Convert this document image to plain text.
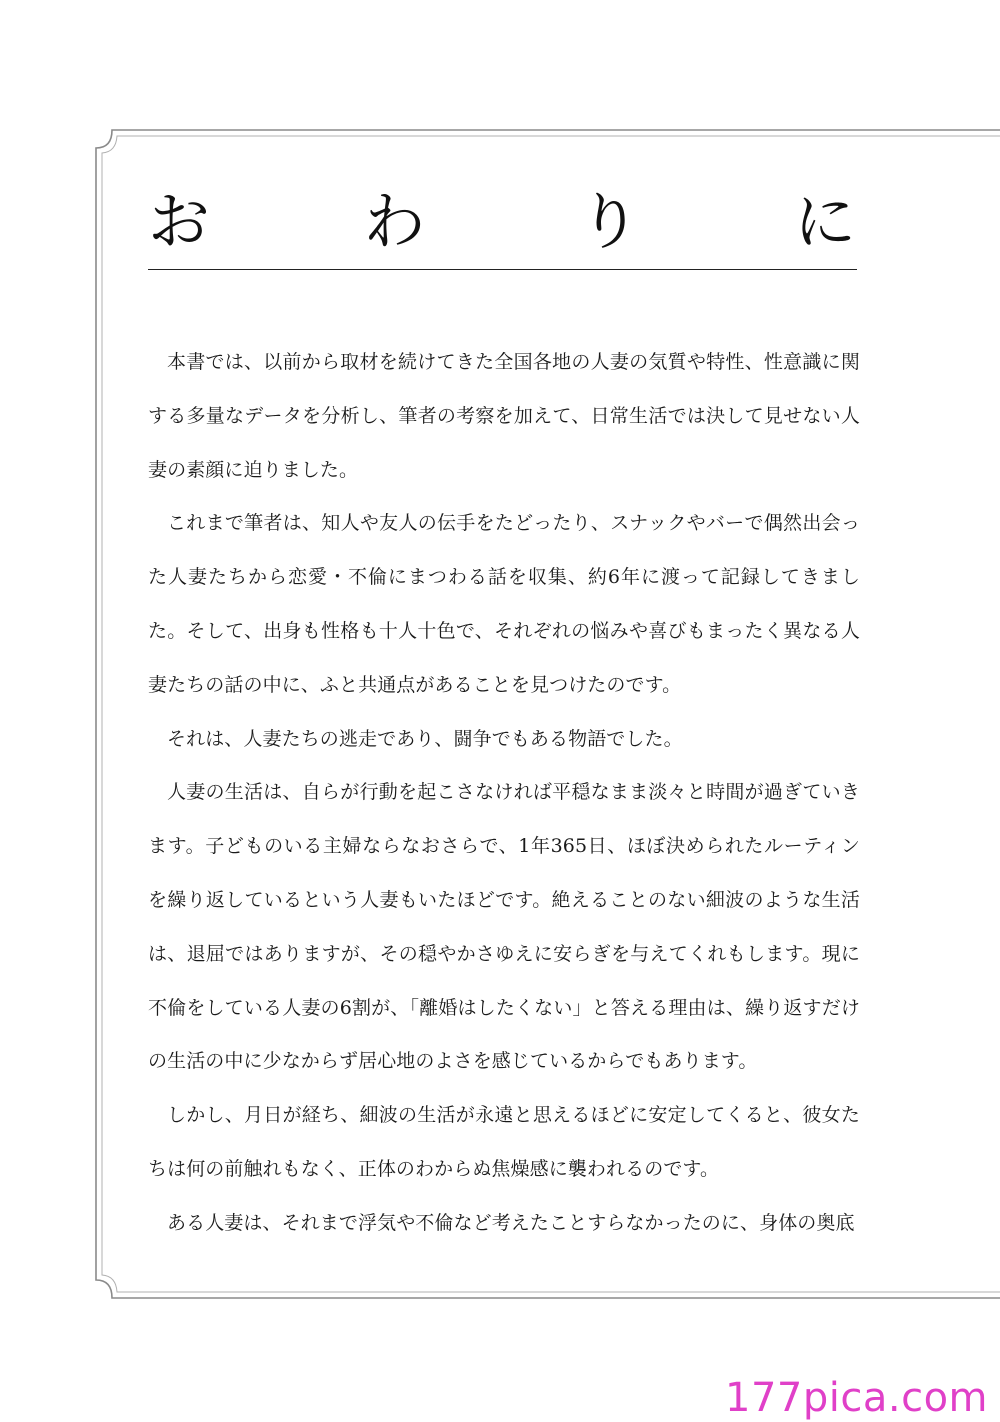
お わ り に

本書では、以前から取材を続けてきた全国各地の人妻の気質や特性、性意識に関する多量なデータを分析し、筆者の考察を加えて、日常生活では決して見せない人妻の素顔に迫りました。

これまで筆者は、知人や友人の伝手をたどったり、スナックやバーで偶然出会った人妻たちから恋愛・不倫にまつわる話を収集、約6年に渡って記録してきました。そして、出身も性格も十人十色で、それぞれの悩みや喜びもまったく異なる人妻たちの話の中に、ふと共通点があることを見つけたのです。

それは、人妻たちの逃走であり、闘争でもある物語でした。

人妻の生活は、自らが行動を起こさなければ平穏なまま淡々と時間が過ぎていきます。子どものいる主婦ならなおさらで、1年365日、ほぼ決められたルーティンを繰り返しているという人妻もいたほどです。絶えることのない細波のような生活は、退屈ではありますが、その穏やかさゆえに安らぎを与えてくれもします。現に不倫をしている人妻の6割が、「離婚はしたくない」と答える理由は、繰り返すだけの生活の中に少なからず居心地のよさを感じているからでもあります。

しかし、月日が経ち、細波の生活が永遠と思えるほどに安定してくると、彼女たちは何の前触れもなく、正体のわからぬ焦燥感に襲われるのです。

ある人妻は、それまで浮気や不倫など考えたことすらなかったのに、身体の奥底

177pica.com
